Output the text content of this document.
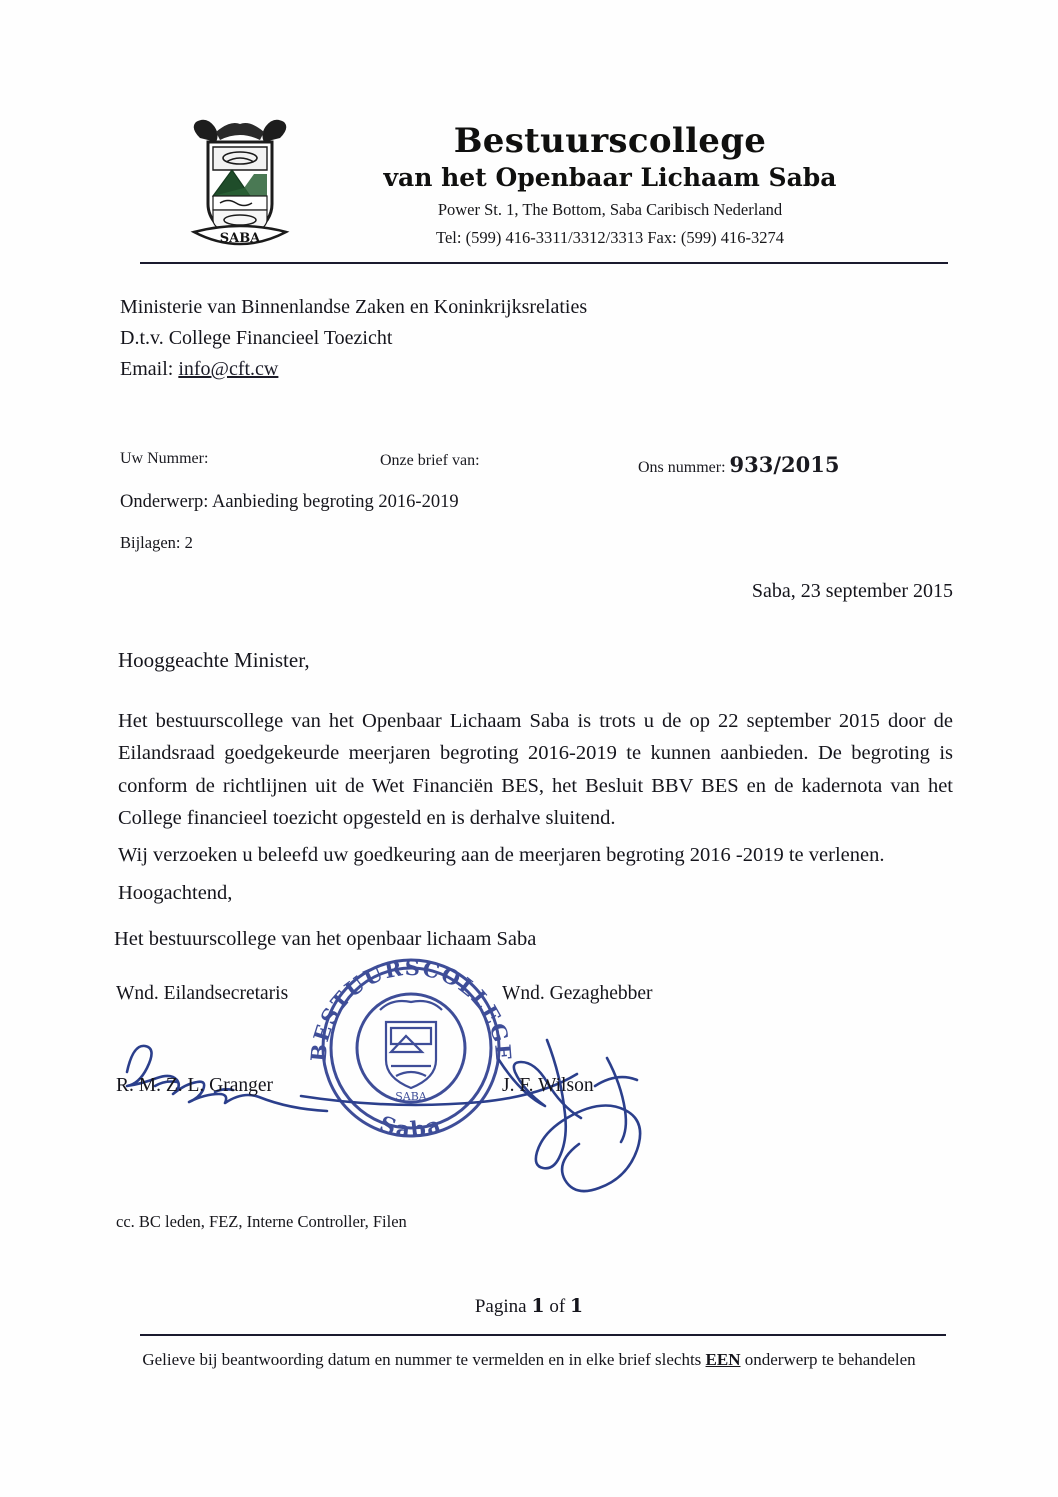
SABA
Bestuurscollege
van het Openbaar Lichaam Saba
Power St. 1, The Bottom, Saba Caribisch Nederland
Tel: (599) 416-3311/3312/3313 Fax: (599) 416-3274
Ministerie van Binnenlandse Zaken en Koninkrijksrelaties
D.t.v. College Financieel Toezicht
Email: info@cft.cw
Uw Nummer:	Onze brief van:	Ons nummer: 933/2015
Onderwerp: Aanbieding begroting 2016-2019
Bijlagen: 2
Saba, 23 september 2015
Hooggeachte Minister,
Het bestuurscollege van het Openbaar Lichaam Saba is trots u de op 22 september 2015 door de Eilandsraad goedgekeurde meerjaren begroting 2016-2019 te kunnen aanbieden. De begroting is conform de richtlijnen uit de Wet Financiën BES, het Besluit BBV BES en de kadernota van het College financieel toezicht opgesteld en is derhalve sluitend.
Wij verzoeken u beleefd uw goedkeuring aan de meerjaren begroting 2016 -2019 te verlenen.
Hoogachtend,
Het bestuurscollege van het openbaar lichaam Saba
Wnd. Eilandsecretaris	Wnd. Gezaghebber
BESTUURSCOLLEGE
Saba
SABA
R. M. Z. L. Granger	J. F. Wilson
cc. BC leden, FEZ, Interne Controller, Filen
Pagina 1 of 1
Gelieve bij beantwoording datum en nummer te vermelden en in elke brief slechts EEN onderwerp te behandelen
